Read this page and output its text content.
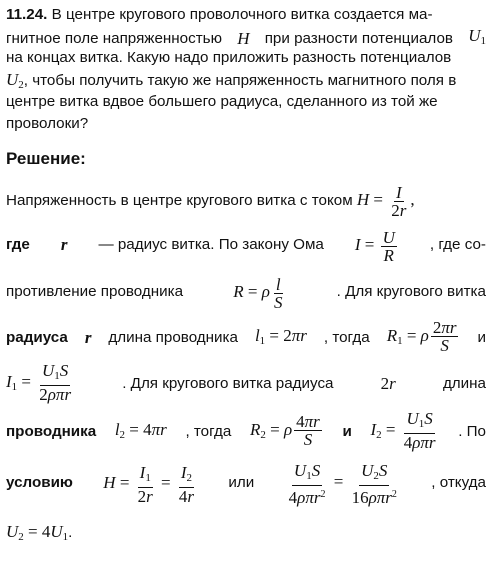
11.24. В центре кругового проволочного витка создается ма-
гнитное поле напряженностью H при разности потенциалов $U_1$
на концах витка. Какую надо приложить разность потенциалов
$U_2$, чтобы получить такую же напряженность магнитного поля в
центре витка вдвое большего радиуса, сделанного из той же
проволоки?
Решение:
Напряженность в центре кругового витка с током $H = \frac{I}{2r}$ ,
где r — радиус витка. По закону Ома $I = \frac{U}{R}$ , где со-
противление проводника	R = ρ $\frac{l}{S}$	. Для кругового витка
радиуса r длина проводника $l_1 = 2\pi r$ , тогда $R_1 = \rho \frac{2\pi r}{S}$ и
$I_1 = \frac{U_1S}{\text{2ρπr}}$	. Для кругового витка радиуса	2r	длина
проводника $l_2 = 4\pi r$ , тогда $R_2 = \rho \frac{4\pi r}{S}$ и $I_2 = \frac{U_1S}{\text{4ρπr}}$ . По
условию $H = \frac{I_1}{2r} = \frac{I_2}{4r}$ или $\frac{U_1S}{4\rho\pi r^2} = \frac{U_2S}{16\rho\pi r^2}$ , откуда
$U_2 = 4U_1$.
